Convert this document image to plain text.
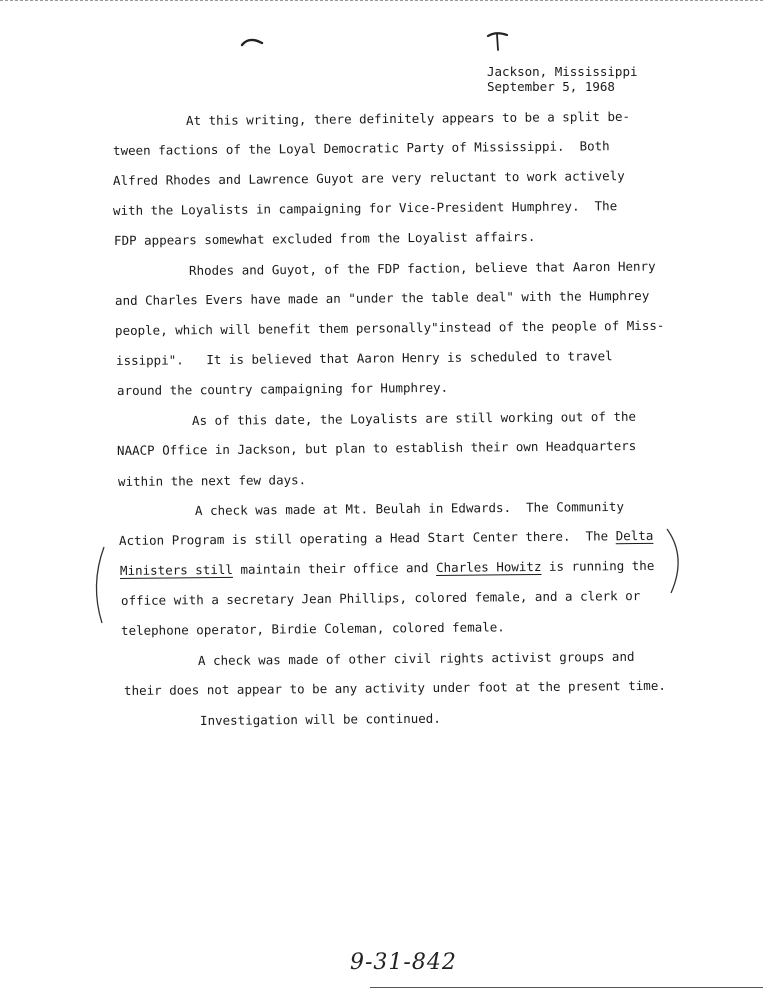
Jackson, Mississippi
September 5, 1968
At this writing, there definitely appears to be a split be-
tween factions of the Loyal Democratic Party of Mississippi.  Both
Alfred Rhodes and Lawrence Guyot are very reluctant to work actively
with the Loyalists in campaigning for Vice-President Humphrey.  The
FDP appears somewhat excluded from the Loyalist affairs.
Rhodes and Guyot, of the FDP faction, believe that Aaron Henry
and Charles Evers have made an "under the table deal" with the Humphrey
people, which will benefit them personally"instead of the people of Miss-
issippi".   It is believed that Aaron Henry is scheduled to travel
around the country campaigning for Humphrey.
As of this date, the Loyalists are still working out of the
NAACP Office in Jackson, but plan to establish their own Headquarters
within the next few days.
A check was made at Mt. Beulah in Edwards.  The Community
Action Program is still operating a Head Start Center there.  The Delta
Ministers still maintain their office and Charles Howitz is running the
office with a secretary Jean Phillips, colored female, and a clerk or
telephone operator, Birdie Coleman, colored female.
A check was made of other civil rights activist groups and
their does not appear to be any activity under foot at the present time.
Investigation will be continued.
9-31-842
